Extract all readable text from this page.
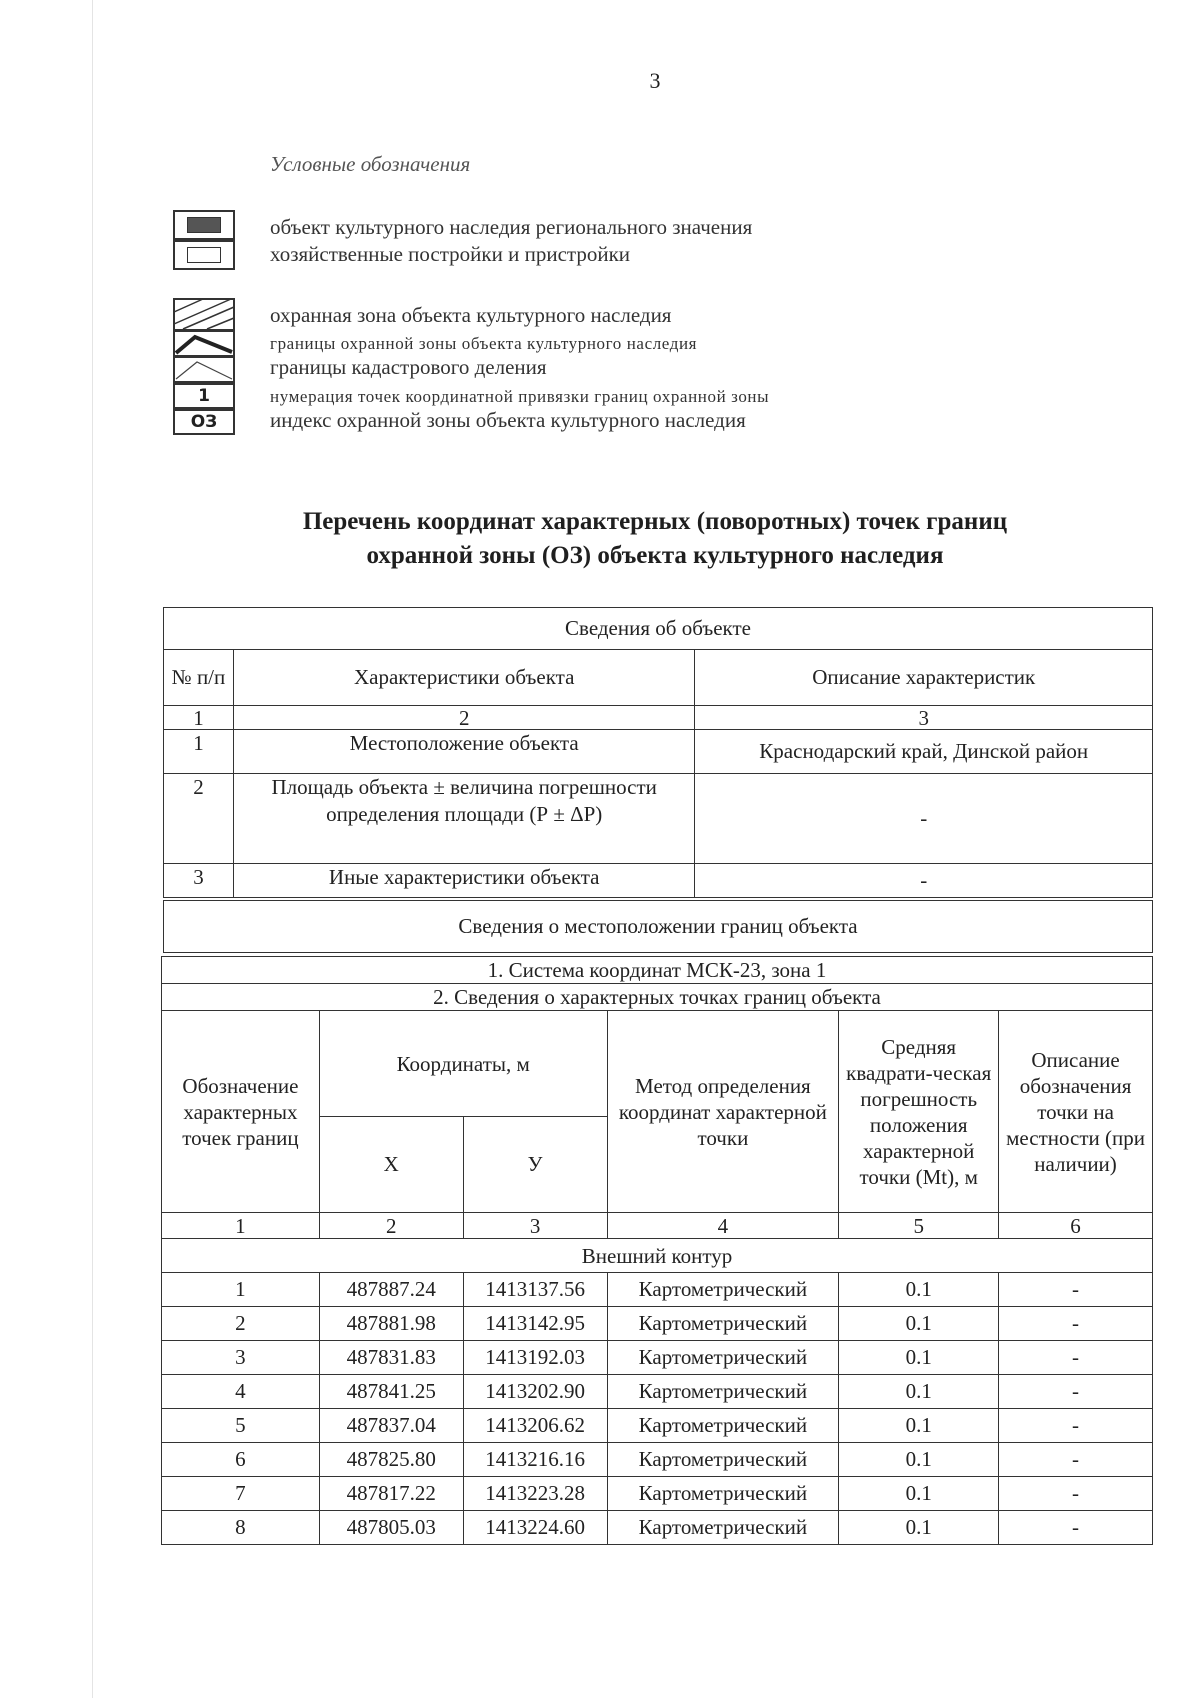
3
Условные обозначения
1
ОЗ
объект культурного наследия регионального значения
хозяйственные постройки и пристройки
охранная зона объекта культурного наследия
границы охранной зоны объекта культурного наследия
границы кадастрового деления
нумерация точек координатной привязки границ охранной зоны
индекс охранной зоны объекта культурного наследия
Перечень координат характерных (поворотных) точек границ
охранной зоны (ОЗ) объекта культурного наследия
Сведения об объекте		
№ п/п	Характеристики объекта	Описание характеристик
1	2	3
1	Местоположение объекта	Краснодарский край, Динской район
2	Площадь объекта ± величина погрешности определения площади (Р ± ΔР)	-
3	Иные характеристики объекта	-
Сведения о местоположении границ объекта
1. Система координат МСК-23, зона 1					
2. Сведения о характерных точках границ объекта					
Обозначение характерных точек границ	Координаты, м		Метод определения координат характерной точки	Средняя квадрати-ческая погрешность положения характерной точки (Мt), м	Описание обозначения точки на местности (при наличии)
	Х	У			
1	2	3	4	5	6
Внешний контур					
1	487887.24	1413137.56	Картометрический	0.1	-
2	487881.98	1413142.95	Картометрический	0.1	-
3	487831.83	1413192.03	Картометрический	0.1	-
4	487841.25	1413202.90	Картометрический	0.1	-
5	487837.04	1413206.62	Картометрический	0.1	-
6	487825.80	1413216.16	Картометрический	0.1	-
7	487817.22	1413223.28	Картометрический	0.1	-
8	487805.03	1413224.60	Картометрический	0.1	-
